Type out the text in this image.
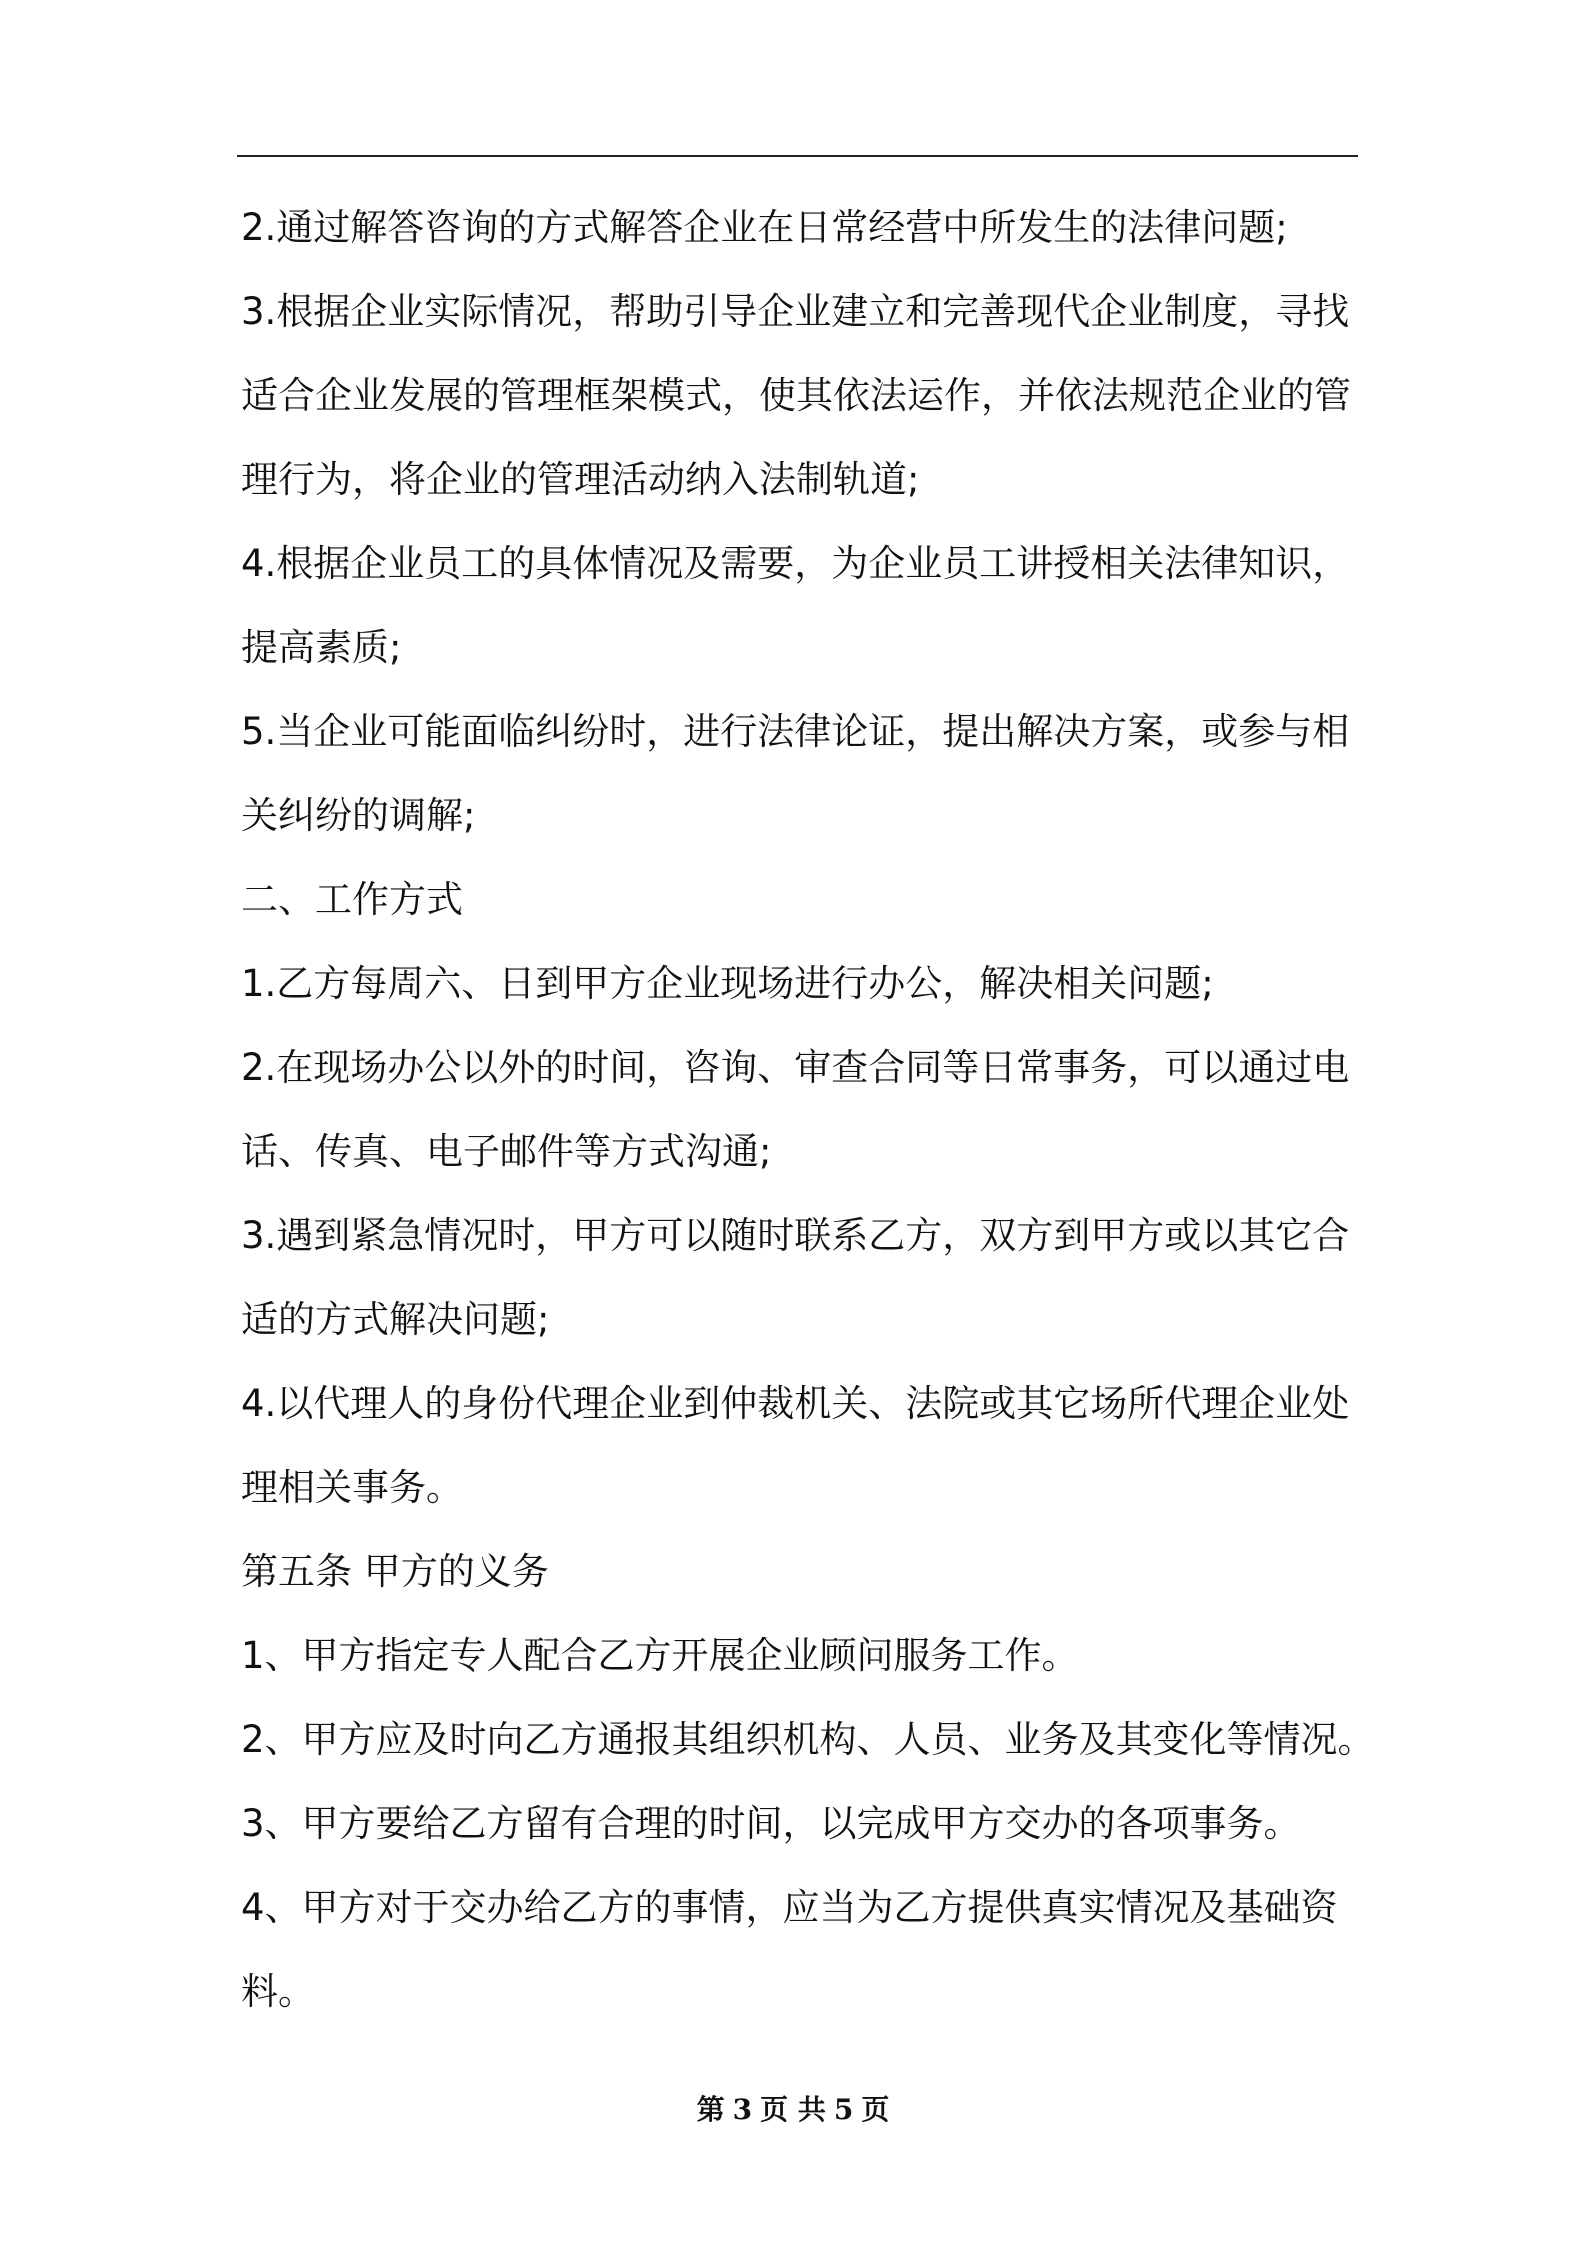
2.通过解答咨询的方式解答企业在日常经营中所发生的法律问题;
3.根据企业实际情况，帮助引导企业建立和完善现代企业制度，寻找
适合企业发展的管理框架模式，使其依法运作，并依法规范企业的管
理行为，将企业的管理活动纳入法制轨道;
4.根据企业员工的具体情况及需要，为企业员工讲授相关法律知识，
提高素质;
5.当企业可能面临纠纷时，进行法律论证，提出解决方案，或参与相
关纠纷的调解;
二、工作方式
1.乙方每周六、日到甲方企业现场进行办公，解决相关问题;
2.在现场办公以外的时间，咨询、审查合同等日常事务，可以通过电
话、传真、电子邮件等方式沟通;
3.遇到紧急情况时，甲方可以随时联系乙方，双方到甲方或以其它合
适的方式解决问题;
4.以代理人的身份代理企业到仲裁机关、法院或其它场所代理企业处
理相关事务。
第五条 甲方的义务
1、甲方指定专人配合乙方开展企业顾问服务工作。
2、甲方应及时向乙方通报其组织机构、人员、业务及其变化等情况。
3、甲方要给乙方留有合理的时间，以完成甲方交办的各项事务。
4、甲方对于交办给乙方的事情，应当为乙方提供真实情况及基础资
料。
第 3 页 共 5 页
